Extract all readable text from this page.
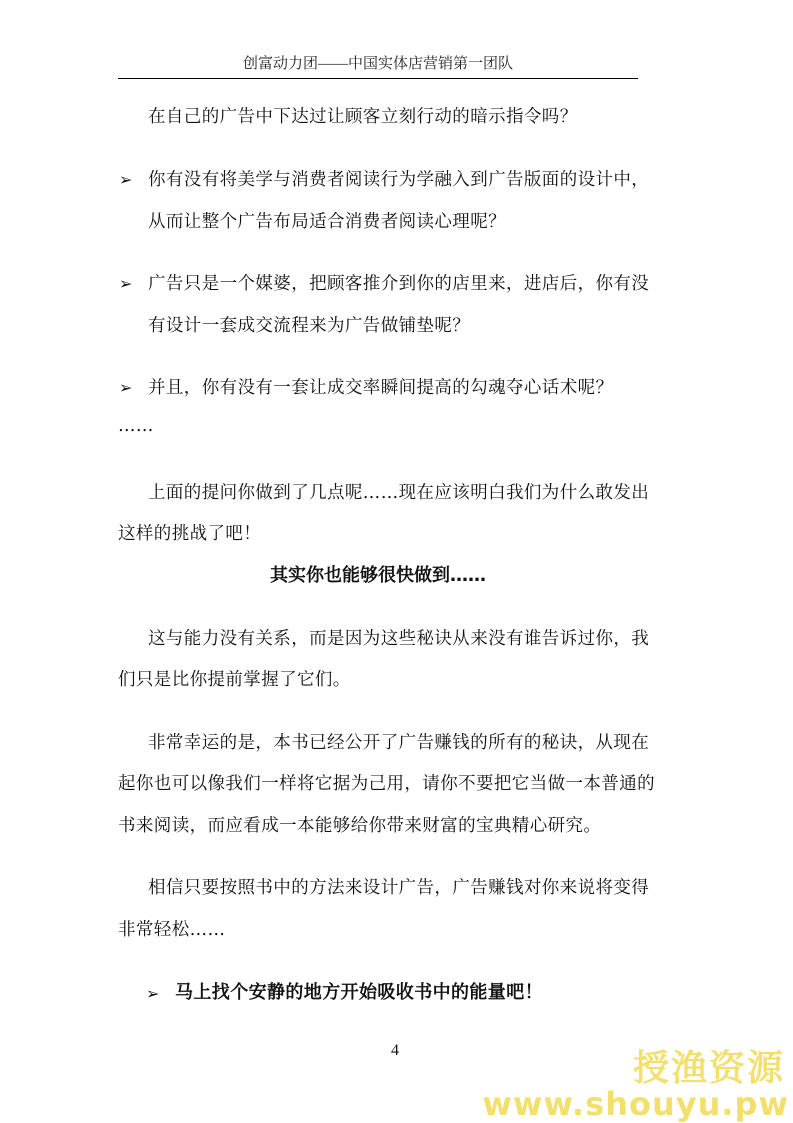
创富动力团——中国实体店营销第一团队
在自己的广告中下达过让顾客立刻行动的暗示指令吗？
➢ 你有没有将美学与消费者阅读行为学融入到广告版面的设计中，
从而让整个广告布局适合消费者阅读心理呢？
➢ 广告只是一个媒婆，把顾客推介到你的店里来，进店后，你有没
有设计一套成交流程来为广告做铺垫呢？
➢ 并且，你有没有一套让成交率瞬间提高的勾魂夺心话术呢？
……
上面的提问你做到了几点呢……现在应该明白我们为什么敢发出
这样的挑战了吧！
其实你也能够很快做到……
这与能力没有关系，而是因为这些秘诀从来没有谁告诉过你，我
们只是比你提前掌握了它们。
非常幸运的是，本书已经公开了广告赚钱的所有的秘诀，从现在
起你也可以像我们一样将它据为己用，请你不要把它当做一本普通的
书来阅读，而应看成一本能够给你带来财富的宝典精心研究。
相信只要按照书中的方法来设计广告，广告赚钱对你来说将变得
非常轻松……
➢ 马上找个安静的地方开始吸收书中的能量吧！
4	授渔资源
www.shouyu.pw
